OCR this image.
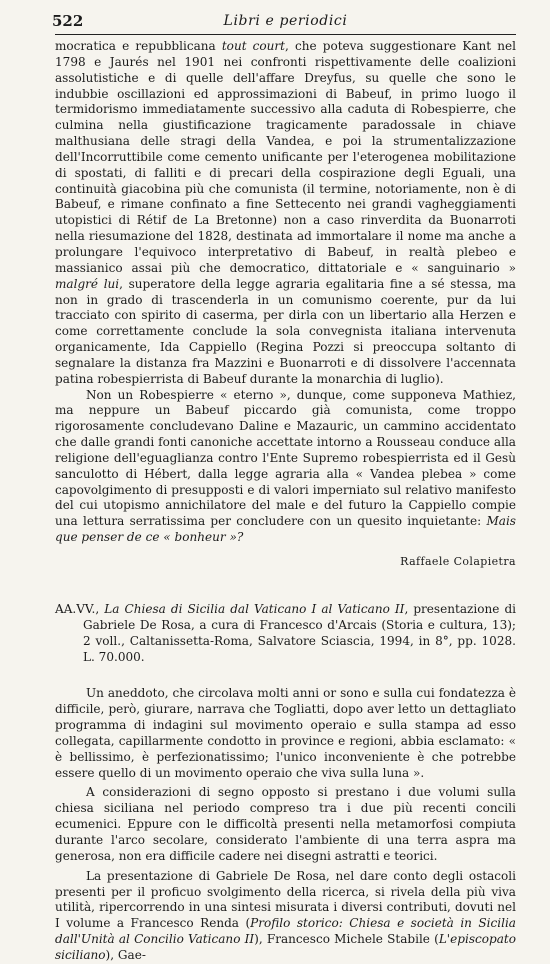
522	Libri e periodici

mocratica e repubblicana tout court, che poteva suggestionare Kant nel 1798 e Jaurés nel 1901 nei confronti rispettivamente delle coalizioni assolutistiche e di quelle dell'affare Dreyfus, su quelle che sono le indubbie oscillazioni ed approssimazioni di Babeuf, in primo luogo il termidorismo immediatamente successivo alla caduta di Robespierre, che culmina nella giustificazione tragicamente paradossale in chiave malthusiana delle stragi della Vandea, e poi la strumentalizzazione dell'Incorruttibile come cemento unificante per l'eterogenea mobilitazione di spostati, di falliti e di precari della cospirazione degli Eguali, una continuità giacobina più che comunista (il termine, notoriamente, non è di Babeuf, e rimane confinato a fine Settecento nei grandi vagheggiamenti utopistici di Rétif de La Bretonne) non a caso rinverdita da Buonarroti nella riesumazione del 1828, destinata ad immortalare il nome ma anche a prolungare l'equivoco interpretativo di Babeuf, in realtà plebeo e massianico assai più che democratico, dittatoriale e « sanguinario » malgré lui, superatore della legge agraria egalitaria fine a sé stessa, ma non in grado di trascenderla in un comunismo coerente, pur da lui tracciato con spirito di caserma, per dirla con un libertario alla Herzen e come correttamente conclude la sola convegnista italiana intervenuta organicamente, Ida Cappiello (Regina Pozzi si preoccupa soltanto di segnalare la distanza fra Mazzini e Buonarroti e di dissolvere l'accennata patina robespierrista di Babeuf durante la monarchia di luglio).

Non un Robespierre « eterno », dunque, come supponeva Mathiez, ma neppure un Babeuf piccardo già comunista, come troppo rigorosamente concludevano Daline e Mazauric, un cammino accidentato che dalle grandi fonti canoniche accettate intorno a Rousseau conduce alla religione dell'eguaglianza contro l'Ente Supremo robespierrista ed il Gesù sanculotto di Hébert, dalla legge agraria alla « Vandea plebea » come capovolgimento di presupposti e di valori imperniato sul relativo manifesto del cui utopismo annichilatore del male e del futuro la Cappiello compie una lettura serratissima per concludere con un quesito inquietante: Mais que penser de ce « bonheur »?

Raffaele Colapietra
AA.VV., La Chiesa di Sicilia dal Vaticano I al Vaticano II, presentazione di Gabriele De Rosa, a cura di Francesco d'Arcais (Storia e cultura, 13); 2 voll., Caltanissetta-Roma, Salvatore Sciascia, 1994, in 8°, pp. 1028. L. 70.000.

Un aneddoto, che circolava molti anni or sono e sulla cui fondatezza è difficile, però, giurare, narrava che Togliatti, dopo aver letto un dettagliato programma di indagini sul movimento operaio e sulla stampa ad esso collegata, capillarmente condotto in province e regioni, abbia esclamato: « è bellissimo, è perfezionatissimo; l'unico inconveniente è che potrebbe essere quello di un movimento operaio che viva sulla luna ».

A considerazioni di segno opposto si prestano i due volumi sulla chiesa siciliana nel periodo compreso tra i due più recenti concili ecumenici. Eppure con le difficoltà presenti nella metamorfosi compiuta durante l'arco secolare, considerato l'ambiente di una terra aspra ma generosa, non era difficile cadere nei disegni astratti e teorici.

La presentazione di Gabriele De Rosa, nel dare conto degli ostacoli presenti per il proficuo svolgimento della ricerca, si rivela della più viva utilità, ripercorrendo in una sintesi misurata i diversi contributi, dovuti nel I volume a Francesco Renda (Profilo storico: Chiesa e società in Sicilia dall'Unità al Concilio Vaticano II), Francesco Michele Stabile (L'episcopato siciliano), Gae-
